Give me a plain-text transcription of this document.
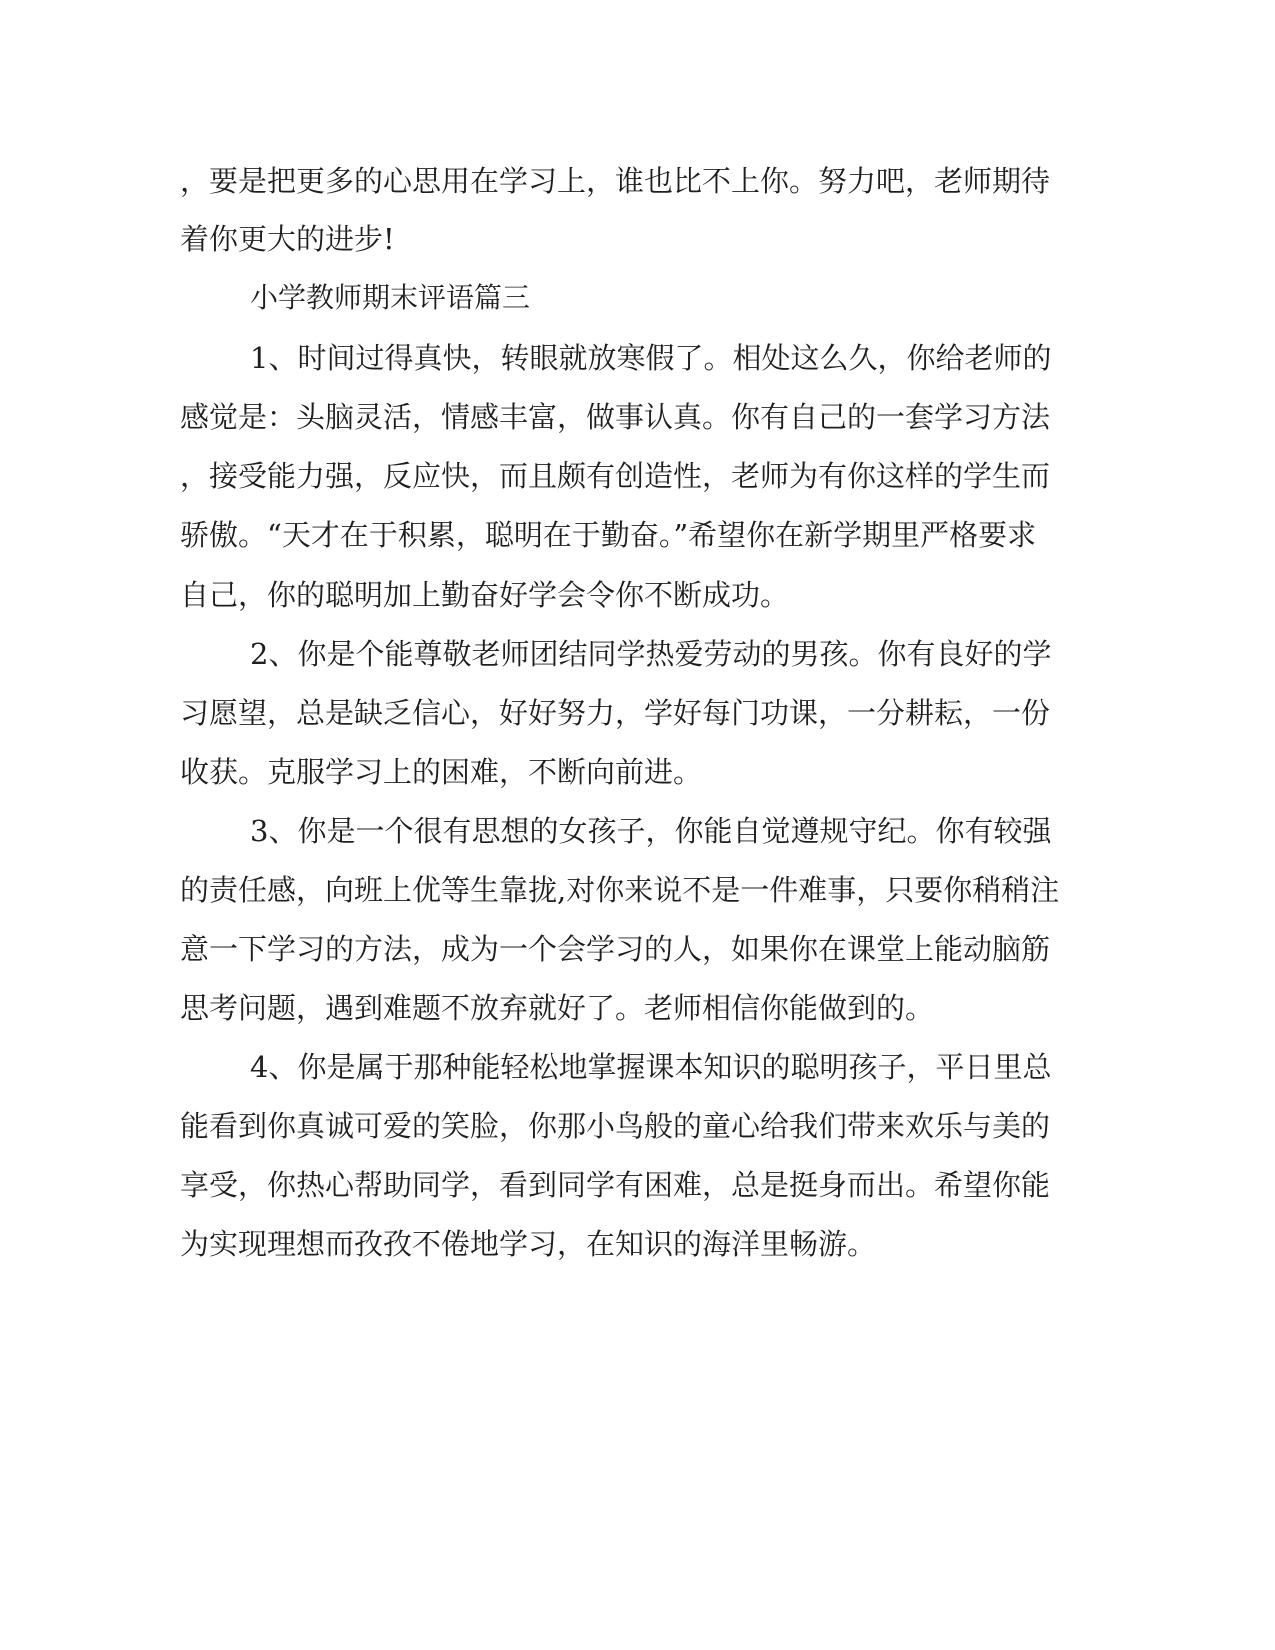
，要是把更多的心思用在学习上，谁也比不上你。努力吧，老师期待

着你更大的进步!

小学教师期末评语篇三

1、时间过得真快，转眼就放寒假了。相处这么久，你给老师的

感觉是：头脑灵活，情感丰富，做事认真。你有自己的一套学习方法

，接受能力强，反应快，而且颇有创造性，老师为有你这样的学生而

骄傲。“天才在于积累，聪明在于勤奋。”希望你在新学期里严格要求

自己，你的聪明加上勤奋好学会令你不断成功。

2、你是个能尊敬老师团结同学热爱劳动的男孩。你有良好的学

习愿望，总是缺乏信心，好好努力，学好每门功课，一分耕耘，一份

收获。克服学习上的困难，不断向前进。

3、你是一个很有思想的女孩子，你能自觉遵规守纪。你有较强

的责任感，向班上优等生靠拢,对你来说不是一件难事，只要你稍稍注

意一下学习的方法，成为一个会学习的人，如果你在课堂上能动脑筋

思考问题，遇到难题不放弃就好了。老师相信你能做到的。

4、你是属于那种能轻松地掌握课本知识的聪明孩子，平日里总

能看到你真诚可爱的笑脸，你那小鸟般的童心给我们带来欢乐与美的

享受，你热心帮助同学，看到同学有困难，总是挺身而出。希望你能

为实现理想而孜孜不倦地学习，在知识的海洋里畅游。
